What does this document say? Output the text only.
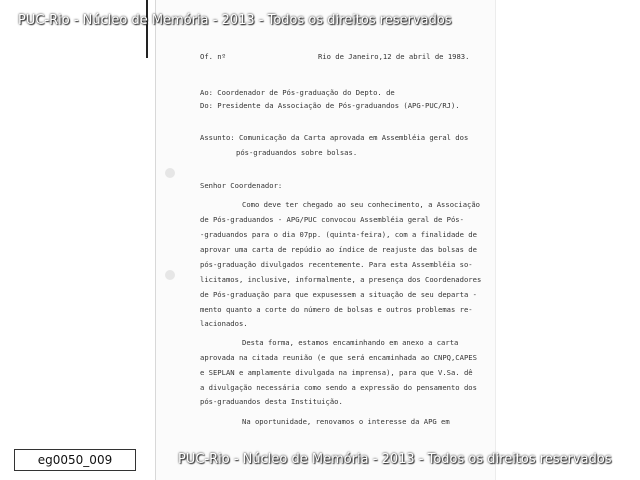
Of. nº	Rio de Janeiro,12 de abril de 1983.
Ao: Coordenador de Pós-graduação do Depto. de
Do: Presidente da Associação de Pós-graduandos (APG-PUC/RJ).
Assunto: Comunicação da Carta aprovada em Assembléia geral dos
pós-graduandos sobre bolsas.
Senhor Coordenador:
Como deve ter chegado ao seu conhecimento, a Associação
de Pós-graduandos - APG/PUC convocou Assembléia geral de Pós-
-graduandos para o dia 07pp. (quinta-feira), com a finalidade de
aprovar uma carta de repúdio ao índice de reajuste das bolsas de
pós-graduação divulgados recentemente. Para esta Assembléia so-
licitamos, inclusive, informalmente, a presença dos Coordenadores
de Pós-graduação para que expusessem a situação de seu departa -
mento quanto a corte do número de bolsas e outros problemas re-
lacionados.
Desta forma, estamos encaminhando em anexo a carta
aprovada na citada reunião (e que será encaminhada ao CNPQ,CAPES
e SEPLAN e amplamente divulgada na imprensa), para que V.Sa. dê
a divulgação necessária como sendo a expressão do pensamento dos
pós-graduandos desta Instituição.
Na oportunidade, renovamos o interesse da APG em
PUC-Rio - Núcleo de Memória - 2013 - Todos os direitos reservados
PUC-Rio - Núcleo de Memória - 2013 - Todos os direitos reservados
eg0050_009
